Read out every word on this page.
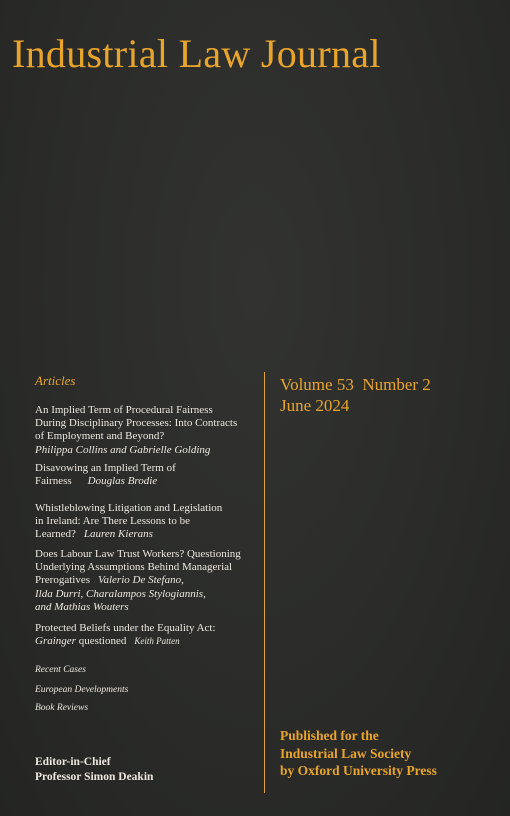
Industrial Law Journal
Articles
An Implied Term of Procedural Fairness
During Disciplinary Processes: Into Contracts
of Employment and Beyond?
Philippa Collins and Gabrielle Golding
Disavowing an Implied Term of
Fairness Douglas Brodie
Whistleblowing Litigation and Legislation
in Ireland: Are There Lessons to be
Learned? Lauren Kierans
Does Labour Law Trust Workers? Questioning
Underlying Assumptions Behind Managerial
Prerogatives Valerio De Stefano,
Ilda Durri, Charalampos Stylogiannis,
and Mathias Wouters
Protected Beliefs under the Equality Act:
Grainger questioned Keith Patten
Recent Cases
European Developments
Book Reviews
Editor-in-Chief
Professor Simon Deakin
Volume 53  Number 2
June 2024
Published for the
Industrial Law Society
by Oxford University Press
